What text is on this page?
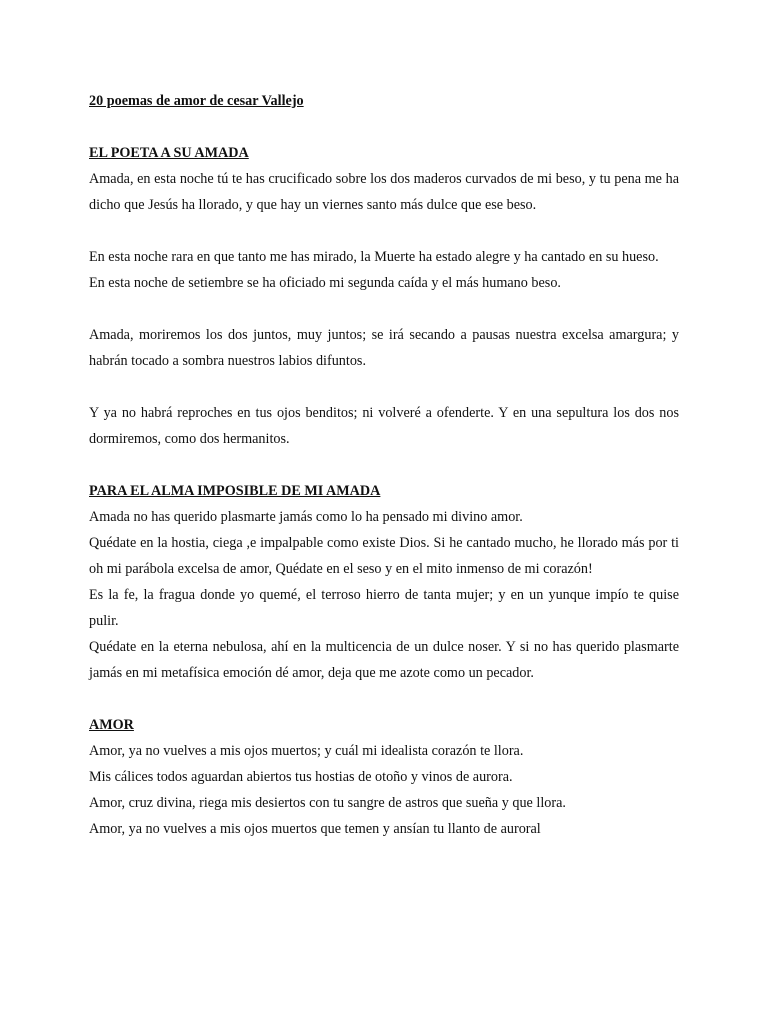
20 poemas de amor de cesar Vallejo

EL POETA A SU AMADA

Amada, en esta noche tú te has crucificado sobre los dos maderos curvados de mi beso, y tu pena me ha dicho que Jesús ha llorado, y que hay un viernes santo más dulce que ese beso.

En esta noche rara en que tanto me has mirado, la Muerte ha estado alegre y ha cantado en su hueso.

En esta noche de setiembre se ha oficiado mi segunda caída y el más humano beso.

Amada, moriremos los dos juntos, muy juntos; se irá secando a pausas nuestra excelsa amargura; y habrán tocado a sombra nuestros labios difuntos.

Y ya no habrá reproches en tus ojos benditos; ni volveré a ofenderte. Y en una sepultura los dos nos dormiremos, como dos hermanitos.

PARA EL ALMA IMPOSIBLE DE MI AMADA

Amada no has querido plasmarte jamás como lo ha pensado mi divino amor.

Quédate en la hostia, ciega ,e impalpable como existe Dios. Si he cantado mucho, he llorado más por ti oh mi parábola excelsa de amor, Quédate en el seso y en el mito inmenso de mi corazón!

Es la fe, la fragua donde yo quemé, el terroso hierro de tanta mujer; y en un yunque impío te quise pulir.

Quédate en la eterna nebulosa, ahí en la multicencia de un dulce noser. Y si no has querido plasmarte jamás en mi metafísica emoción dé amor, deja que me azote como un pecador.

AMOR

Amor, ya no vuelves a mis ojos muertos; y cuál mi idealista corazón te llora.

Mis cálices todos aguardan abiertos tus hostias de otoño y vinos de aurora.

Amor, cruz divina, riega mis desiertos con tu sangre de astros que sueña y que llora.

Amor, ya no vuelves a mis ojos muertos que temen y ansían tu llanto de auroral
